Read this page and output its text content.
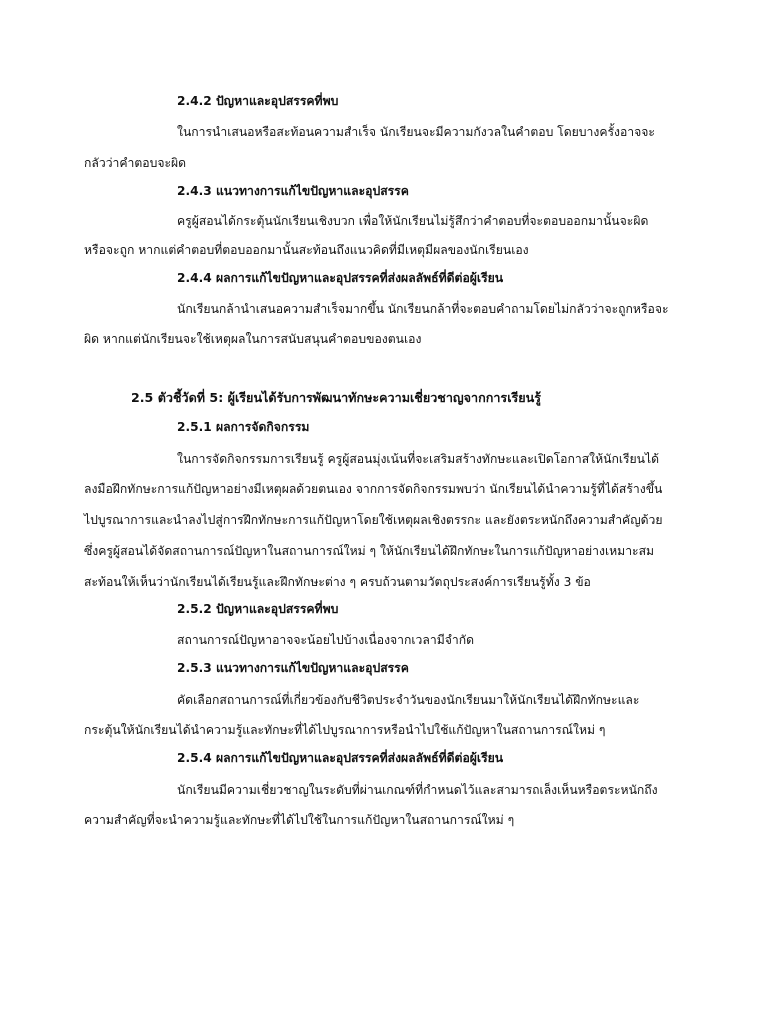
2.4.2 ปัญหาและอุปสรรคที่พบ
ในการนำเสนอหรือสะท้อนความสำเร็จ นักเรียนจะมีความกังวลในคำตอบ โดยบางครั้งอาจจะ
กลัวว่าคำตอบจะผิด
2.4.3 แนวทางการแก้ไขปัญหาและอุปสรรค
ครูผู้สอนได้กระตุ้นนักเรียนเชิงบวก เพื่อให้นักเรียนไม่รู้สึกว่าคำตอบที่จะตอบออกมานั้นจะผิด
หรือจะถูก หากแต่คำตอบที่ตอบออกมานั้นสะท้อนถึงแนวคิดที่มีเหตุมีผลของนักเรียนเอง
2.4.4 ผลการแก้ไขปัญหาและอุปสรรคที่ส่งผลลัพธ์ที่ดีต่อผู้เรียน
นักเรียนกล้านำเสนอความสำเร็จมากขึ้น นักเรียนกล้าที่จะตอบคำถามโดยไม่กลัวว่าจะถูกหรือจะ
ผิด หากแต่นักเรียนจะใช้เหตุผลในการสนับสนุนคำตอบของตนเอง
2.5 ตัวชี้วัดที่ 5: ผู้เรียนได้รับการพัฒนาทักษะความเชี่ยวชาญจากการเรียนรู้
2.5.1 ผลการจัดกิจกรรม
ในการจัดกิจกรรมการเรียนรู้ ครูผู้สอนมุ่งเน้นที่จะเสริมสร้างทักษะและเปิดโอกาสให้นักเรียนได้
ลงมือฝึกทักษะการแก้ปัญหาอย่างมีเหตุผลด้วยตนเอง จากการจัดกิจกรรมพบว่า นักเรียนได้นำความรู้ที่ได้สร้างขึ้น
ไปบูรณาการและนำลงไปสู่การฝึกทักษะการแก้ปัญหาโดยใช้เหตุผลเชิงตรรกะ และยังตระหนักถึงความสำคัญด้วย
ซึ่งครูผู้สอนได้จัดสถานการณ์ปัญหาในสถานการณ์ใหม่ ๆ ให้นักเรียนได้ฝึกทักษะในการแก้ปัญหาอย่างเหมาะสม
สะท้อนให้เห็นว่านักเรียนได้เรียนรู้และฝึกทักษะต่าง ๆ ครบถ้วนตามวัตถุประสงค์การเรียนรู้ทั้ง 3 ข้อ
2.5.2 ปัญหาและอุปสรรคที่พบ
สถานการณ์ปัญหาอาจจะน้อยไปบ้างเนื่องจากเวลามีจำกัด
2.5.3 แนวทางการแก้ไขปัญหาและอุปสรรค
คัดเลือกสถานการณ์ที่เกี่ยวข้องกับชีวิตประจำวันของนักเรียนมาให้นักเรียนได้ฝึกทักษะและ
กระตุ้นให้นักเรียนได้นำความรู้และทักษะที่ได้ไปบูรณาการหรือนำไปใช้แก้ปัญหาในสถานการณ์ใหม่ ๆ
2.5.4 ผลการแก้ไขปัญหาและอุปสรรคที่ส่งผลลัพธ์ที่ดีต่อผู้เรียน
นักเรียนมีความเชี่ยวชาญในระดับที่ผ่านเกณฑ์ที่กำหนดไว้และสามารถเล็งเห็นหรือตระหนักถึง
ความสำคัญที่จะนำความรู้และทักษะที่ได้ไปใช้ในการแก้ปัญหาในสถานการณ์ใหม่ ๆ
